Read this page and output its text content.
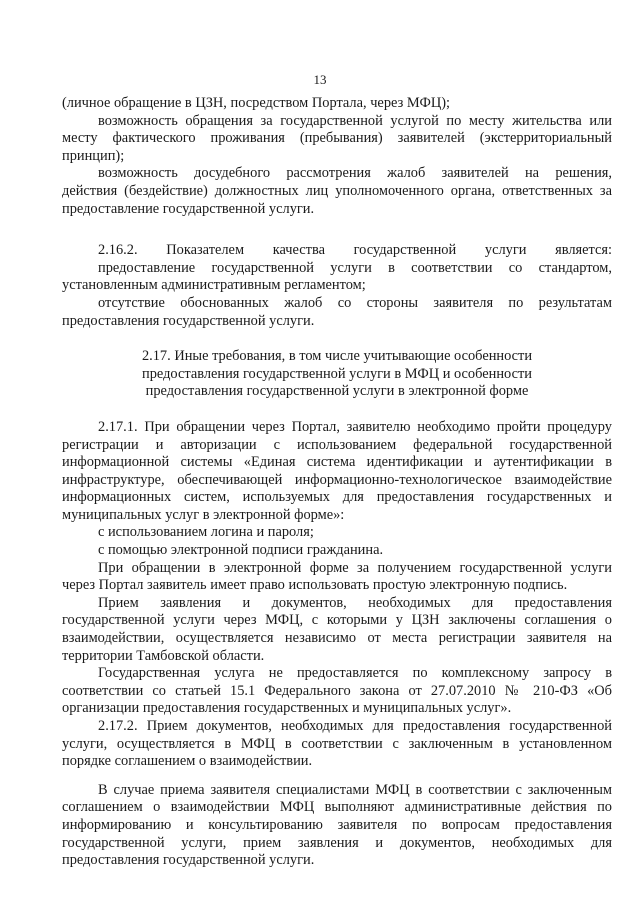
13
(личное обращение в ЦЗН, посредством Портала, через МФЦ);
возможность обращения за государственной услугой по месту жительства или
месту фактического проживания (пребывания) заявителей (экстерриториальный
принцип);
возможность досудебного рассмотрения жалоб заявителей на решения,
действия (бездействие) должностных лиц уполномоченного органа, ответственных за
предоставление государственной услуги.
2.16.2. Показателем качества государственной услуги является:
предоставление государственной услуги в соответствии со стандартом,
установленным административным регламентом;
отсутствие обоснованных жалоб со стороны заявителя по результатам
предоставления государственной услуги.
2.17. Иные требования, в том числе учитывающие особенности
предоставления государственной услуги в МФЦ и особенности
предоставления государственной услуги в электронной форме
2.17.1. При обращении через Портал, заявителю необходимо пройти процедуру
регистрации и авторизации с использованием федеральной государственной
информационной системы «Единая система идентификации и аутентификации в
инфраструктуре, обеспечивающей информационно-технологическое взаимодействие
информационных систем, используемых для предоставления государственных и
муниципальных услуг в электронной форме»:
с использованием логина и пароля;
с помощью электронной подписи гражданина.
При обращении в электронной форме за получением государственной услуги
через Портал заявитель имеет право использовать простую электронную подпись.
Прием заявления и документов, необходимых для предоставления
государственной услуги через МФЦ, с которыми у ЦЗН заключены соглашения о
взаимодействии, осуществляется независимо от места регистрации заявителя на
территории Тамбовской области.
Государственная услуга не предоставляется по комплексному запросу в
соответствии со статьей 15.1 Федерального закона от 27.07.2010 № 210-ФЗ «Об
организации предоставления государственных и муниципальных услуг».
2.17.2. Прием документов, необходимых для предоставления государственной
услуги, осуществляется в МФЦ в соответствии с заключенным в установленном
порядке соглашением о взаимодействии.
В случае приема заявителя специалистами МФЦ в соответствии с заключенным
соглашением о взаимодействии МФЦ выполняют административные действия по
информированию и консультированию заявителя по вопросам предоставления
государственной услуги, прием заявления и документов, необходимых для
предоставления государственной услуги.
